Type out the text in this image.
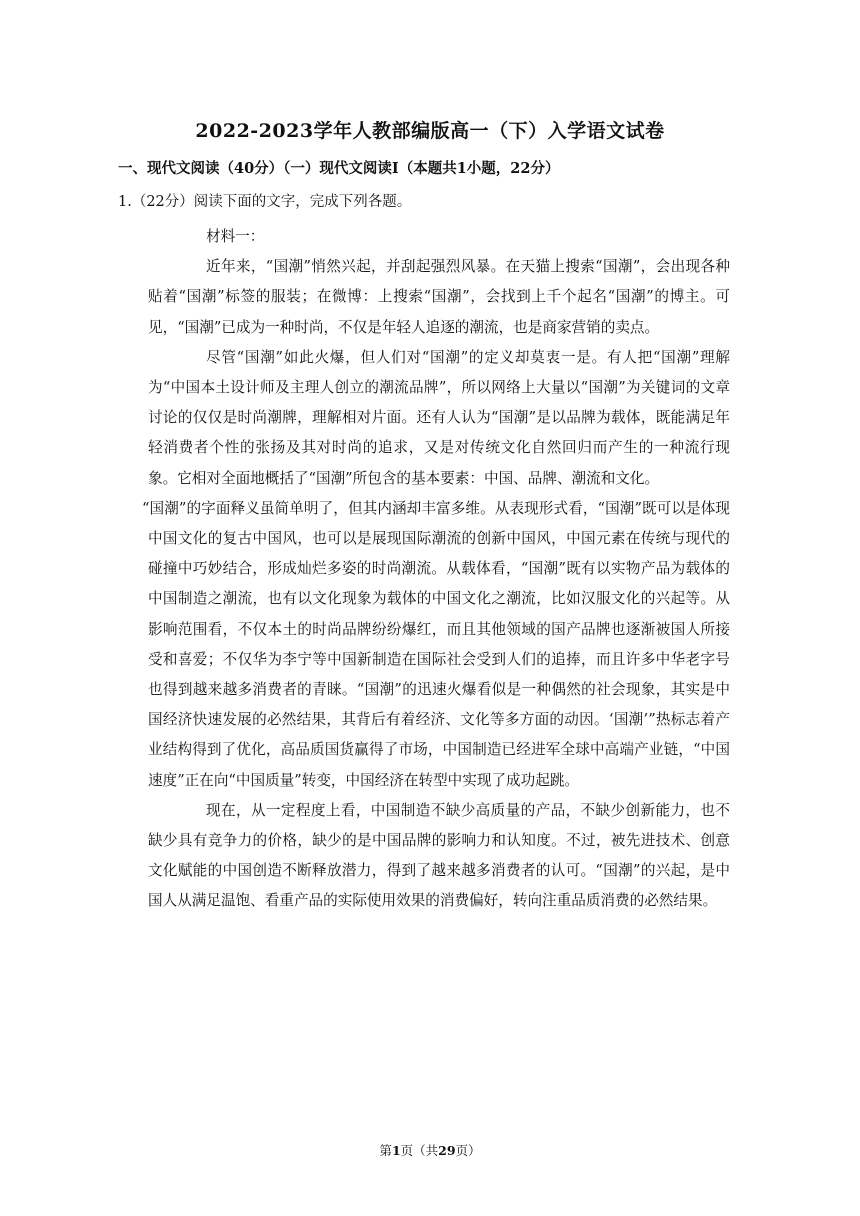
2022-2023学年人教部编版高一（下）入学语文试卷
一、现代文阅读（40分）（一）现代文阅读Ⅰ（本题共1小题，22分）
1.（22分）阅读下面的文字，完成下列各题。

材料一：

近年来，“国潮”悄然兴起，并刮起强烈风暴。在天猫上搜索“国潮”，会出现各种贴着“国潮”标签的服装；在微博：上搜索“国潮”，会找到上千个起名“国潮”的博主。可见，“国潮”已成为一种时尚，不仅是年轻人追逐的潮流，也是商家营销的卖点。

尽管“国潮”如此火爆，但人们对“国潮”的定义却莫衷一是。有人把“国潮”理解为“中国本土设计师及主理人创立的潮流品牌”，所以网络上大量以“国潮”为关键词的文章讨论的仅仅是时尚潮牌，理解相对片面。还有人认为“国潮”是以品牌为载体，既能满足年轻消费者个性的张扬及其对时尚的追求，又是对传统文化自然回归而产生的一种流行现象。它相对全面地概括了“国潮”所包含的基本要素：中国、品牌、潮流和文化。

“国潮”的字面释义虽简单明了，但其内涵却丰富多维。从表现形式看，“国潮”既可以是体现中国文化的复古中国风，也可以是展现国际潮流的创新中国风，中国元素在传统与现代的碰撞中巧妙结合，形成灿烂多姿的时尚潮流。从载体看，“国潮”既有以实物产品为载体的中国制造之潮流，也有以文化现象为载体的中国文化之潮流，比如汉服文化的兴起等。从影响范围看，不仅本土的时尚品牌纷纷爆红，而且其他领域的国产品牌也逐渐被国人所接受和喜爱；不仅华为李宁等中国新制造在国际社会受到人们的追捧，而且许多中华老字号也得到越来越多消费者的青睐。“国潮”的迅速火爆看似是一种偶然的社会现象，其实是中国经济快速发展的必然结果，其背后有着经济、文化等多方面的动因。‘国潮’”热标志着产业结构得到了优化，高品质国货赢得了市场，中国制造已经进军全球中高端产业链，“中国速度”正在向“中国质量”转变，中国经济在转型中实现了成功起跳。

现在，从一定程度上看，中国制造不缺少高质量的产品，不缺少创新能力，也不缺少具有竞争力的价格，缺少的是中国品牌的影响力和认知度。不过，被先进技术、创意文化赋能的中国创造不断释放潜力，得到了越来越多消费者的认可。“国潮”的兴起，是中国人从满足温饱、看重产品的实际使用效果的消费偏好，转向注重品质消费的必然结果。

第1页（共29页）
